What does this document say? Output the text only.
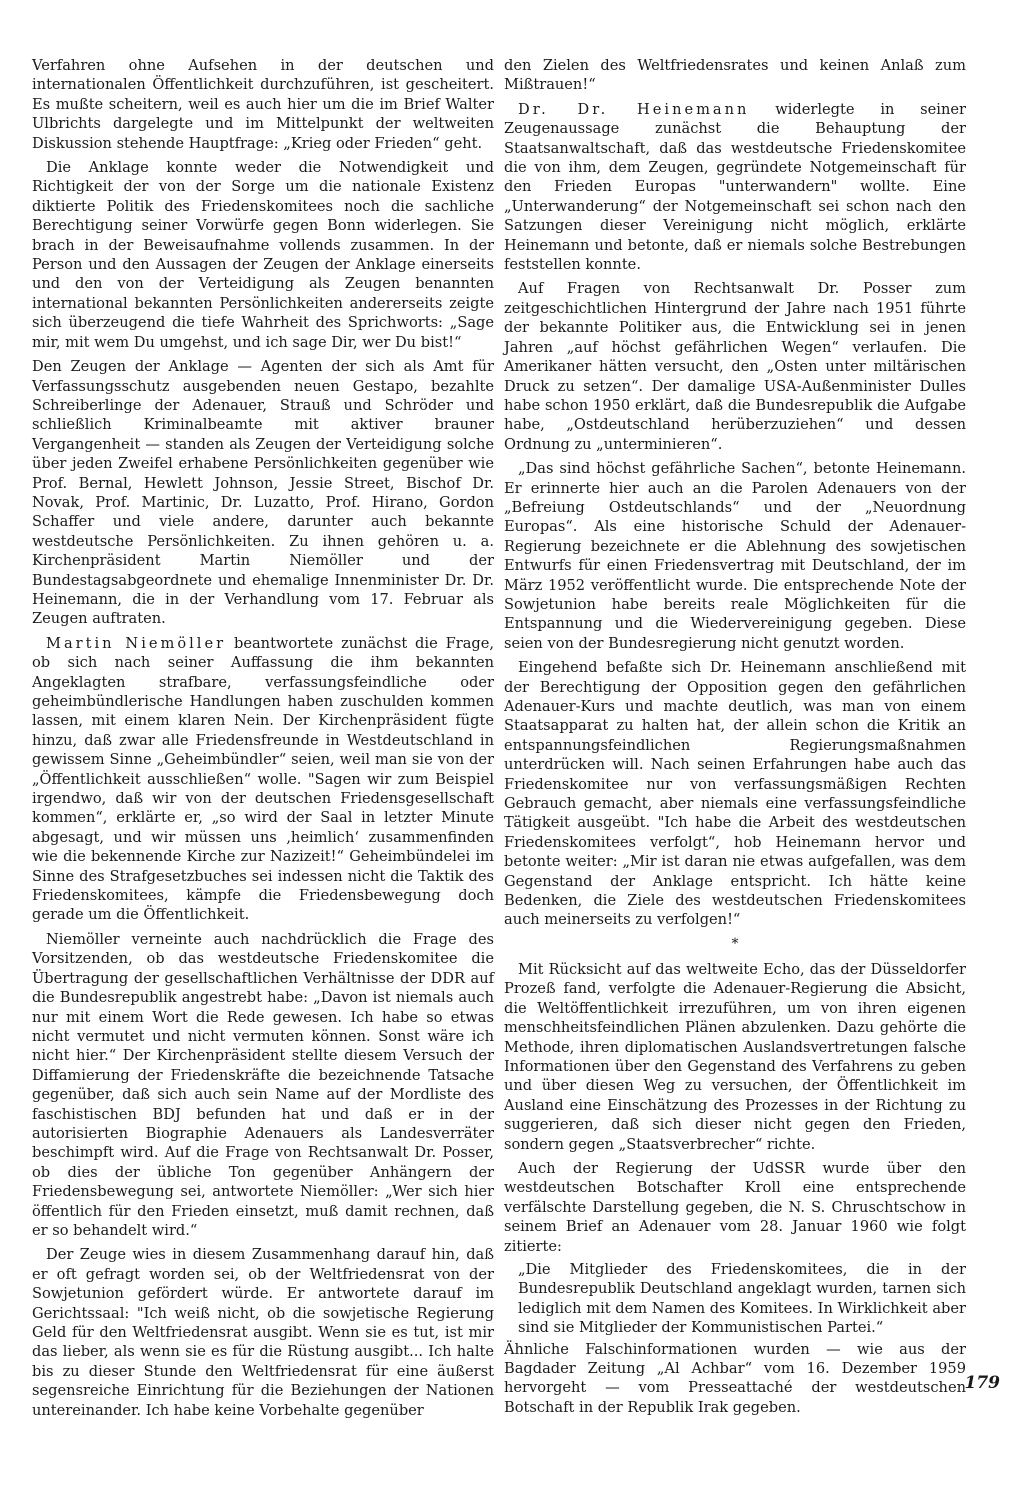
Verfahren ohne Aufsehen in der deutschen und internationalen Öffentlichkeit durchzuführen, ist gescheitert. Es mußte scheitern, weil es auch hier um die im Brief Walter Ulbrichts dargelegte und im Mittelpunkt der weltweiten Diskussion stehende Hauptfrage: „Krieg oder Frieden“ geht.

Die Anklage konnte weder die Notwendigkeit und Richtigkeit der von der Sorge um die nationale Existenz diktierte Politik des Friedenskomitees noch die sachliche Berechtigung seiner Vorwürfe gegen Bonn widerlegen. Sie brach in der Beweisaufnahme vollends zusammen. In der Person und den Aussagen der Zeugen der Anklage einerseits und den von der Verteidigung als Zeugen benannten international bekannten Persönlichkeiten andererseits zeigte sich überzeugend die tiefe Wahrheit des Sprichworts: „Sage mir, mit wem Du umgehst, und ich sage Dir, wer Du bist!“

Den Zeugen der Anklage — Agenten der sich als Amt für Verfassungsschutz ausgebenden neuen Gestapo, bezahlte Schreiberlinge der Adenauer, Strauß und Schröder und schließlich Kriminalbeamte mit aktiver brauner Vergangenheit — standen als Zeugen der Verteidigung solche über jeden Zweifel erhabene Persönlichkeiten gegenüber wie Prof. Bernal, Hewlett Johnson, Jessie Street, Bischof Dr. Novak, Prof. Martinic, Dr. Luzatto, Prof. Hirano, Gordon Schaffer und viele andere, darunter auch bekannte westdeutsche Persönlichkeiten. Zu ihnen gehören u. a. Kirchenpräsident Martin Niemöller und der Bundestagsabgeordnete und ehemalige Innenminister Dr. Dr. Heinemann, die in der Verhandlung vom 17. Februar als Zeugen auftraten.

Martin Niemöller beantwortete zunächst die Frage, ob sich nach seiner Auffassung die ihm bekannten Angeklagten strafbare, verfassungsfeindliche oder geheimbündlerische Handlungen haben zuschulden kommen lassen, mit einem klaren Nein. Der Kirchenpräsident fügte hinzu, daß zwar alle Friedensfreunde in Westdeutschland in gewissem Sinne „Geheimbündler“ seien, weil man sie von der „Öffentlichkeit ausschließen“ wolle. "Sagen wir zum Beispiel irgendwo, daß wir von der deutschen Friedensgesellschaft kommen“, erklärte er, „so wird der Saal in letzter Minute abgesagt, und wir müssen uns ‚heimlich‘ zusammenfinden wie die bekennende Kirche zur Nazizeit!“ Geheimbündelei im Sinne des Strafgesetzbuches sei indessen nicht die Taktik des Friedenskomitees, kämpfe die Friedensbewegung doch gerade um die Öffentlichkeit.

Niemöller verneinte auch nachdrücklich die Frage des Vorsitzenden, ob das westdeutsche Friedenskomitee die Übertragung der gesellschaftlichen Verhältnisse der DDR auf die Bundesrepublik angestrebt habe: „Davon ist niemals auch nur mit einem Wort die Rede gewesen. Ich habe so etwas nicht vermutet und nicht vermuten können. Sonst wäre ich nicht hier.“ Der Kirchenpräsident stellte diesem Versuch der Diffamierung der Friedenskräfte die bezeichnende Tatsache gegenüber, daß sich auch sein Name auf der Mordliste des faschistischen BDJ befunden hat und daß er in der autorisierten Biographie Adenauers als Landesverräter beschimpft wird. Auf die Frage von Rechtsanwalt Dr. Posser, ob dies der übliche Ton gegenüber Anhängern der Friedensbewegung sei, antwortete Niemöller: „Wer sich hier öffentlich für den Frieden einsetzt, muß damit rechnen, daß er so behandelt wird.“

Der Zeuge wies in diesem Zusammenhang darauf hin, daß er oft gefragt worden sei, ob der Weltfriedensrat von der Sowjetunion gefördert würde. Er antwortete darauf im Gerichtssaal: "Ich weiß nicht, ob die sowjetische Regierung Geld für den Weltfriedensrat ausgibt. Wenn sie es tut, ist mir das lieber, als wenn sie es für die Rüstung ausgibt... Ich halte bis zu dieser Stunde den Weltfriedensrat für eine äußerst segensreiche Einrichtung für die Beziehungen der Nationen untereinander. Ich habe keine Vorbehalte gegenüber

den Zielen des Weltfriedensrates und keinen Anlaß zum Mißtrauen!“

Dr. Dr. Heinemann widerlegte in seiner Zeugenaussage zunächst die Behauptung der Staatsanwaltschaft, daß das westdeutsche Friedenskomitee die von ihm, dem Zeugen, gegründete Notgemeinschaft für den Frieden Europas "unterwandern" wollte. Eine „Unterwanderung“ der Notgemeinschaft sei schon nach den Satzungen dieser Vereinigung nicht möglich, erklärte Heinemann und betonte, daß er niemals solche Bestrebungen feststellen konnte.

Auf Fragen von Rechtsanwalt Dr. Posser zum zeitgeschichtlichen Hintergrund der Jahre nach 1951 führte der bekannte Politiker aus, die Entwicklung sei in jenen Jahren „auf höchst gefährlichen Wegen“ verlaufen. Die Amerikaner hätten versucht, den „Osten unter miltärischen Druck zu setzen“. Der damalige USA-Außenminister Dulles habe schon 1950 erklärt, daß die Bundesrepublik die Aufgabe habe, „Ostdeutschland herüberzuziehen“ und dessen Ordnung zu „unterminieren“.

„Das sind höchst gefährliche Sachen“, betonte Heinemann. Er erinnerte hier auch an die Parolen Adenauers von der „Befreiung Ostdeutschlands“ und der „Neuordnung Europas“. Als eine historische Schuld der Adenauer-Regierung bezeichnete er die Ablehnung des sowjetischen Entwurfs für einen Friedensvertrag mit Deutschland, der im März 1952 veröffentlicht wurde. Die entsprechende Note der Sowjetunion habe bereits reale Möglichkeiten für die Entspannung und die Wiedervereinigung gegeben. Diese seien von der Bundesregierung nicht genutzt worden.

Eingehend befaßte sich Dr. Heinemann anschließend mit der Berechtigung der Opposition gegen den gefährlichen Adenauer-Kurs und machte deutlich, was man von einem Staatsapparat zu halten hat, der allein schon die Kritik an entspannungsfeindlichen Regierungsmaßnahmen unterdrücken will. Nach seinen Erfahrungen habe auch das Friedenskomitee nur von verfassungsmäßigen Rechten Gebrauch gemacht, aber niemals eine verfassungsfeindliche Tätigkeit ausgeübt. "Ich habe die Arbeit des westdeutschen Friedenskomitees verfolgt“, hob Heinemann hervor und betonte weiter: „Mir ist daran nie etwas aufgefallen, was dem Gegenstand der Anklage entspricht. Ich hätte keine Bedenken, die Ziele des westdeutschen Friedenskomitees auch meinerseits zu verfolgen!“

*

Mit Rücksicht auf das weltweite Echo, das der Düsseldorfer Prozeß fand, verfolgte die Adenauer-Regierung die Absicht, die Weltöffentlichkeit irrezuführen, um von ihren eigenen menschheitsfeindlichen Plänen abzulenken. Dazu gehörte die Methode, ihren diplomatischen Auslandsvertretungen falsche Informationen über den Gegenstand des Verfahrens zu geben und über diesen Weg zu versuchen, der Öffentlichkeit im Ausland eine Einschätzung des Prozesses in der Richtung zu suggerieren, daß sich dieser nicht gegen den Frieden, sondern gegen „Staatsverbrecher“ richte.

Auch der Regierung der UdSSR wurde über den westdeutschen Botschafter Kroll eine entsprechende verfälschte Darstellung gegeben, die N. S. Chruschtschow in seinem Brief an Adenauer vom 28. Januar 1960 wie folgt zitierte:

„Die Mitglieder des Friedenskomitees, die in der Bundesrepublik Deutschland angeklagt wurden, tarnen sich lediglich mit dem Namen des Komitees. In Wirklichkeit aber sind sie Mitglieder der Kommunistischen Partei.“

Ähnliche Falschinformationen wurden — wie aus der Bagdader Zeitung „Al Achbar“ vom 16. Dezember 1959 hervorgeht — vom Presseattaché der westdeutschen Botschaft in der Republik Irak gegeben.

179
